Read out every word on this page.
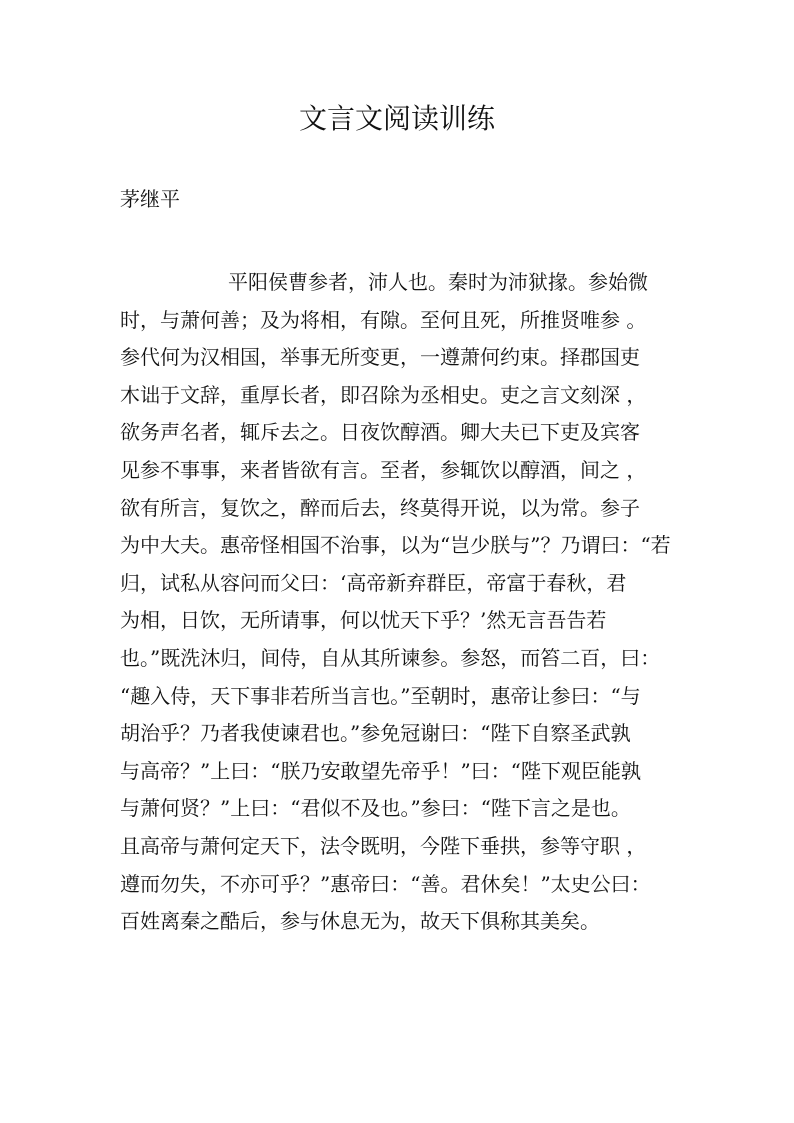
文言文阅读训练
茅继平
平阳侯曹参者，沛人也。秦时为沛狱掾。参始微
时，与萧何善；及为将相，有隙。至何且死，所推贤唯参 。
参代何为汉相国，举事无所变更，一遵萧何约束。择郡国吏
木诎于文辞，重厚长者，即召除为丞相史。吏之言文刻深 ，
欲务声名者，辄斥去之。日夜饮醇酒。卿大夫已下吏及宾客
见参不事事，来者皆欲有言。至者，参辄饮以醇酒，间之 ，
欲有所言，复饮之，醉而后去，终莫得开说，以为常。参子
为中大夫。惠帝怪相国不治事，以为“岂少朕与”？乃谓曰：“若
归，试私从容问而父曰：‘高帝新弃群臣，帝富于春秋，君
为相，日饮，无所请事，何以忧天下乎？’然无言吾告若
也。”既洗沐归，间侍，自从其所谏参。参怒，而笞二百，曰：
“趣入侍，天下事非若所当言也。”至朝时，惠帝让参曰：“与
胡治乎？乃者我使谏君也。”参免冠谢曰：“陛下自察圣武孰
与高帝？”上曰：“朕乃安敢望先帝乎！”曰：“陛下观臣能孰
与萧何贤？”上曰：“君似不及也。”参曰：“陛下言之是也。
且高帝与萧何定天下，法令既明，今陛下垂拱，参等守职 ，
遵而勿失，不亦可乎？”惠帝曰：“善。君休矣！”太史公曰：
百姓离秦之酷后，参与休息无为，故天下俱称其美矣。
